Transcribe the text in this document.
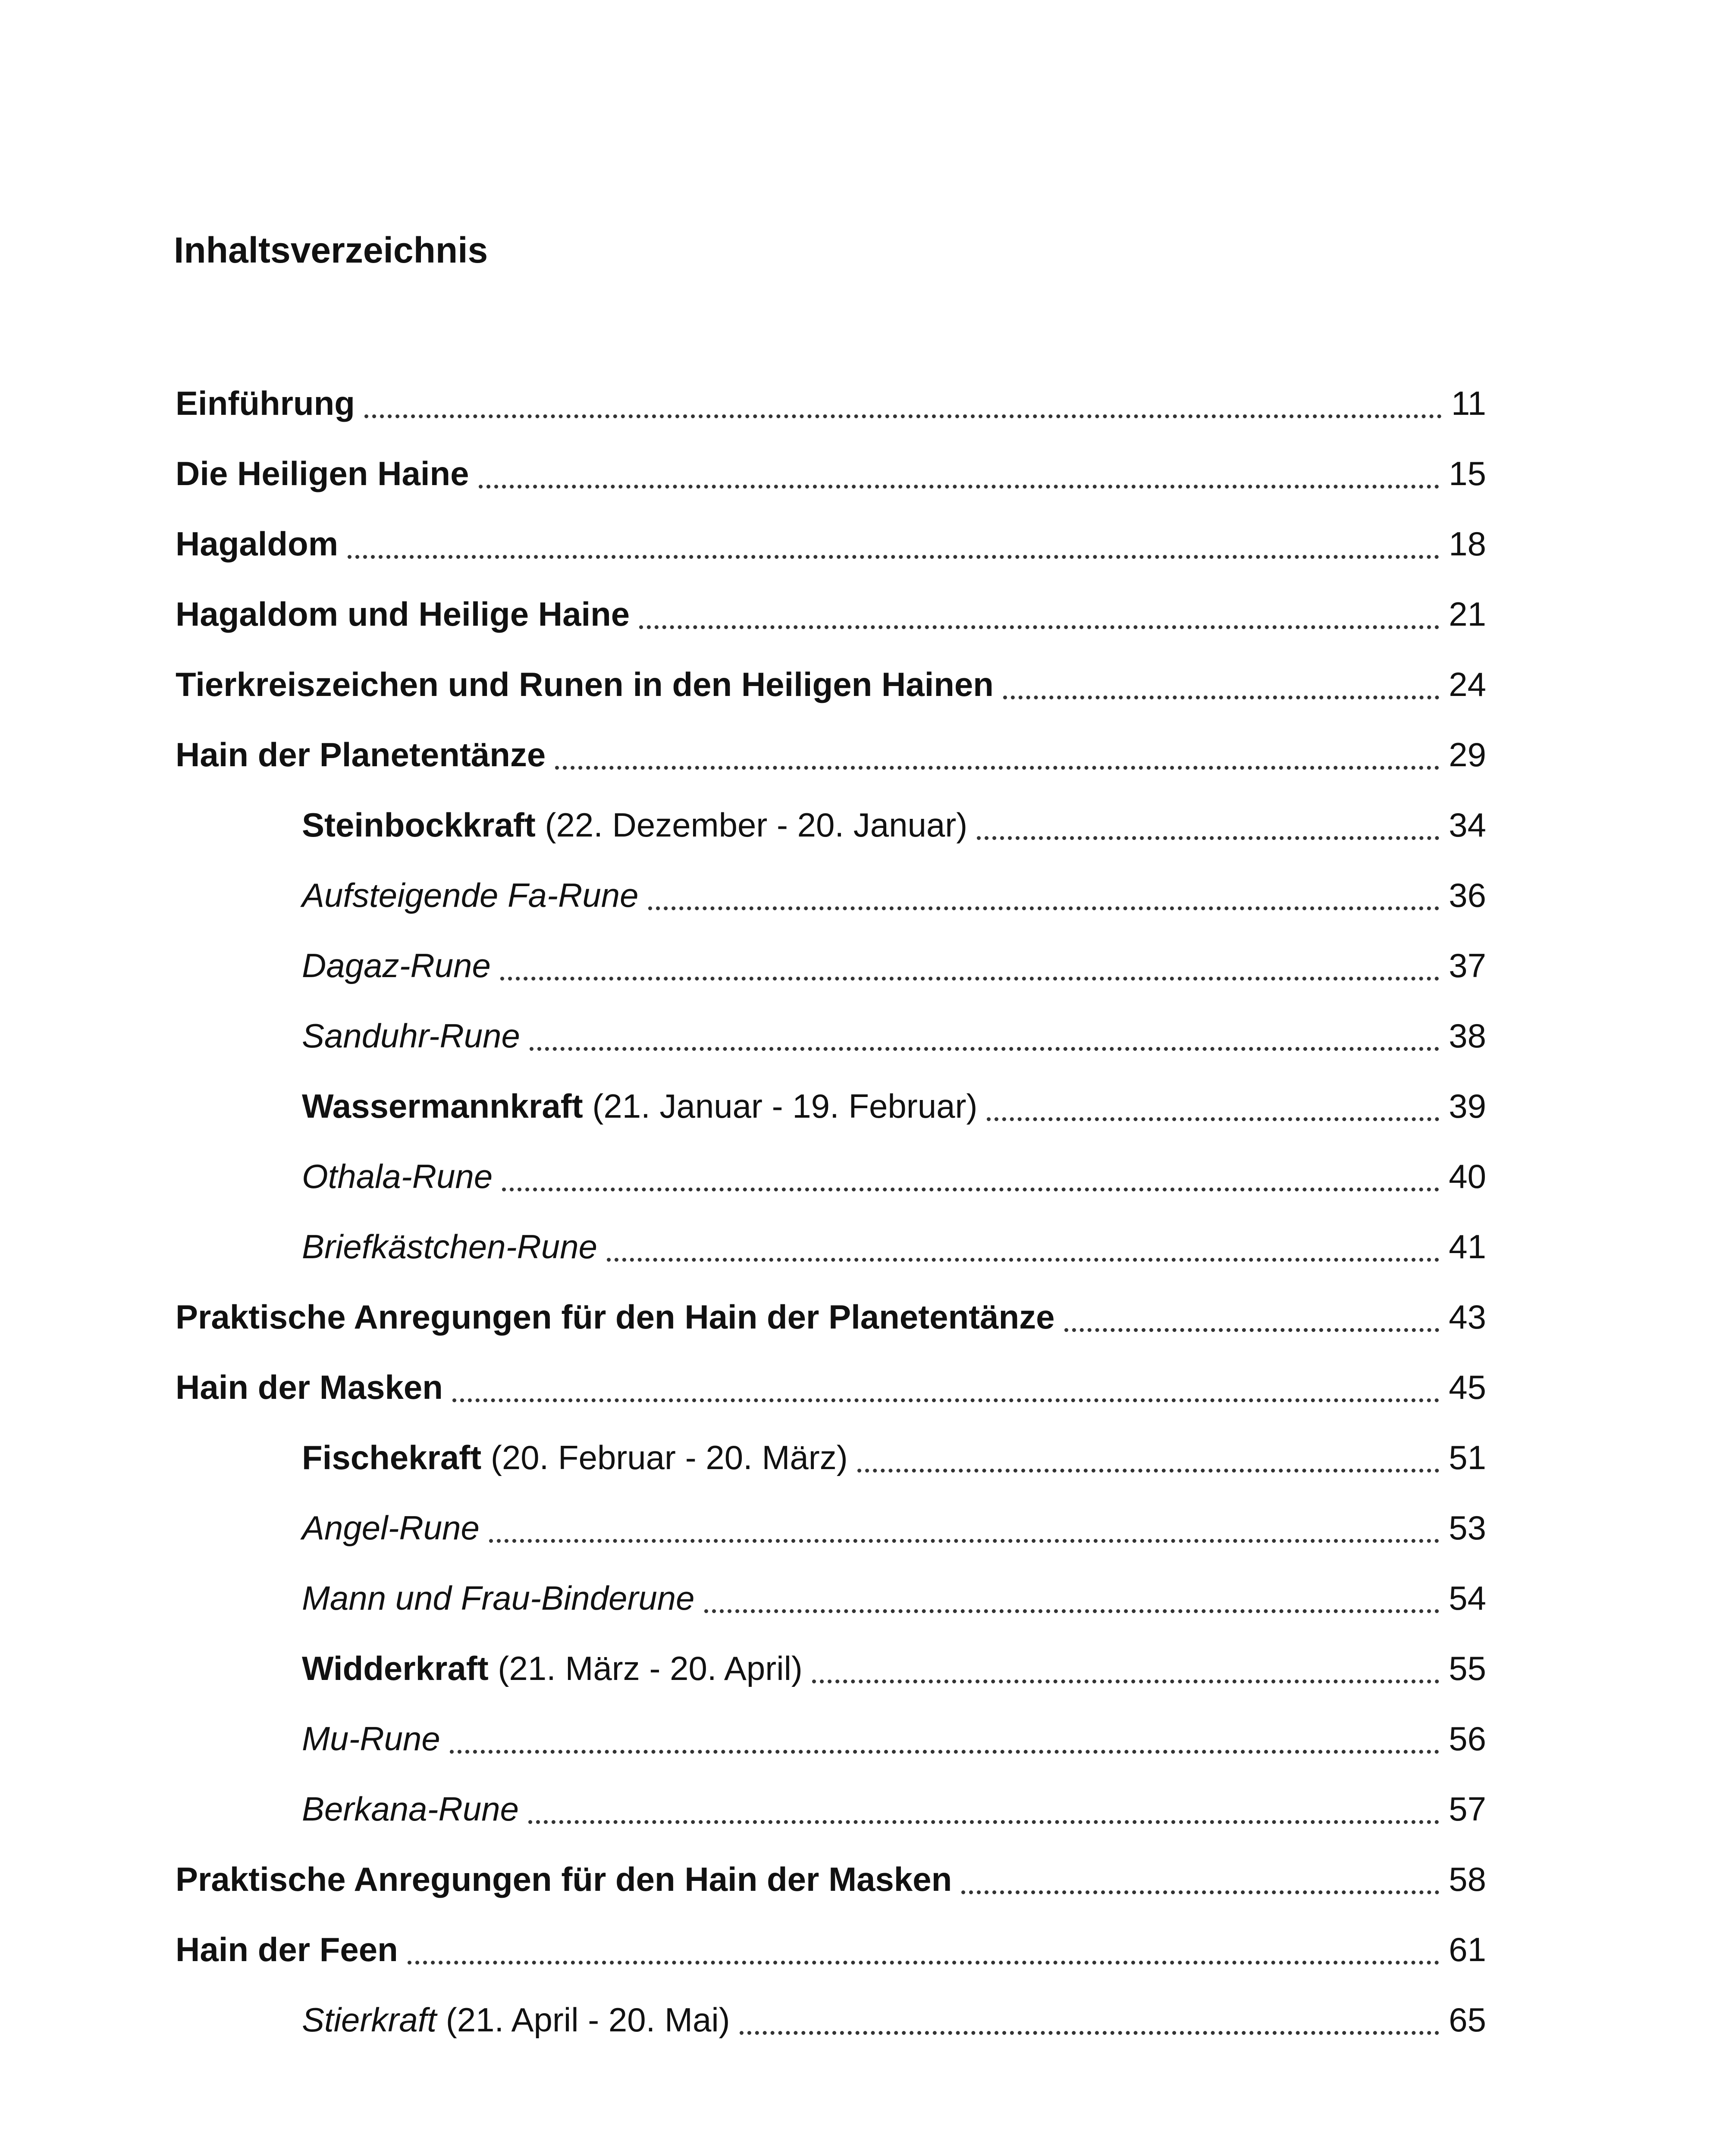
Inhaltsverzeichnis
Einführung	11
Die Heiligen Haine	15
Hagaldom	18
Hagaldom und Heilige Haine	21
Tierkreiszeichen und Runen in den Heiligen Hainen	24
Hain der Planetentänze	29
Steinbockkraft (22. Dezember - 20. Januar)	34
Aufsteigende Fa-Rune	36
Dagaz-Rune	37
Sanduhr-Rune	38
Wassermannkraft (21. Januar - 19. Februar)	39
Othala-Rune	40
Briefkästchen-Rune	41
Praktische Anregungen für den Hain der Planetentänze	43
Hain der Masken	45
Fischekraft (20. Februar - 20. März)	51
Angel-Rune	53
Mann und Frau-Binderune	54
Widderkraft (21. März - 20. April)	55
Mu-Rune	56
Berkana-Rune	57
Praktische Anregungen für den Hain der Masken	58
Hain der Feen	61
Stierkraft (21. April - 20. Mai)	65
